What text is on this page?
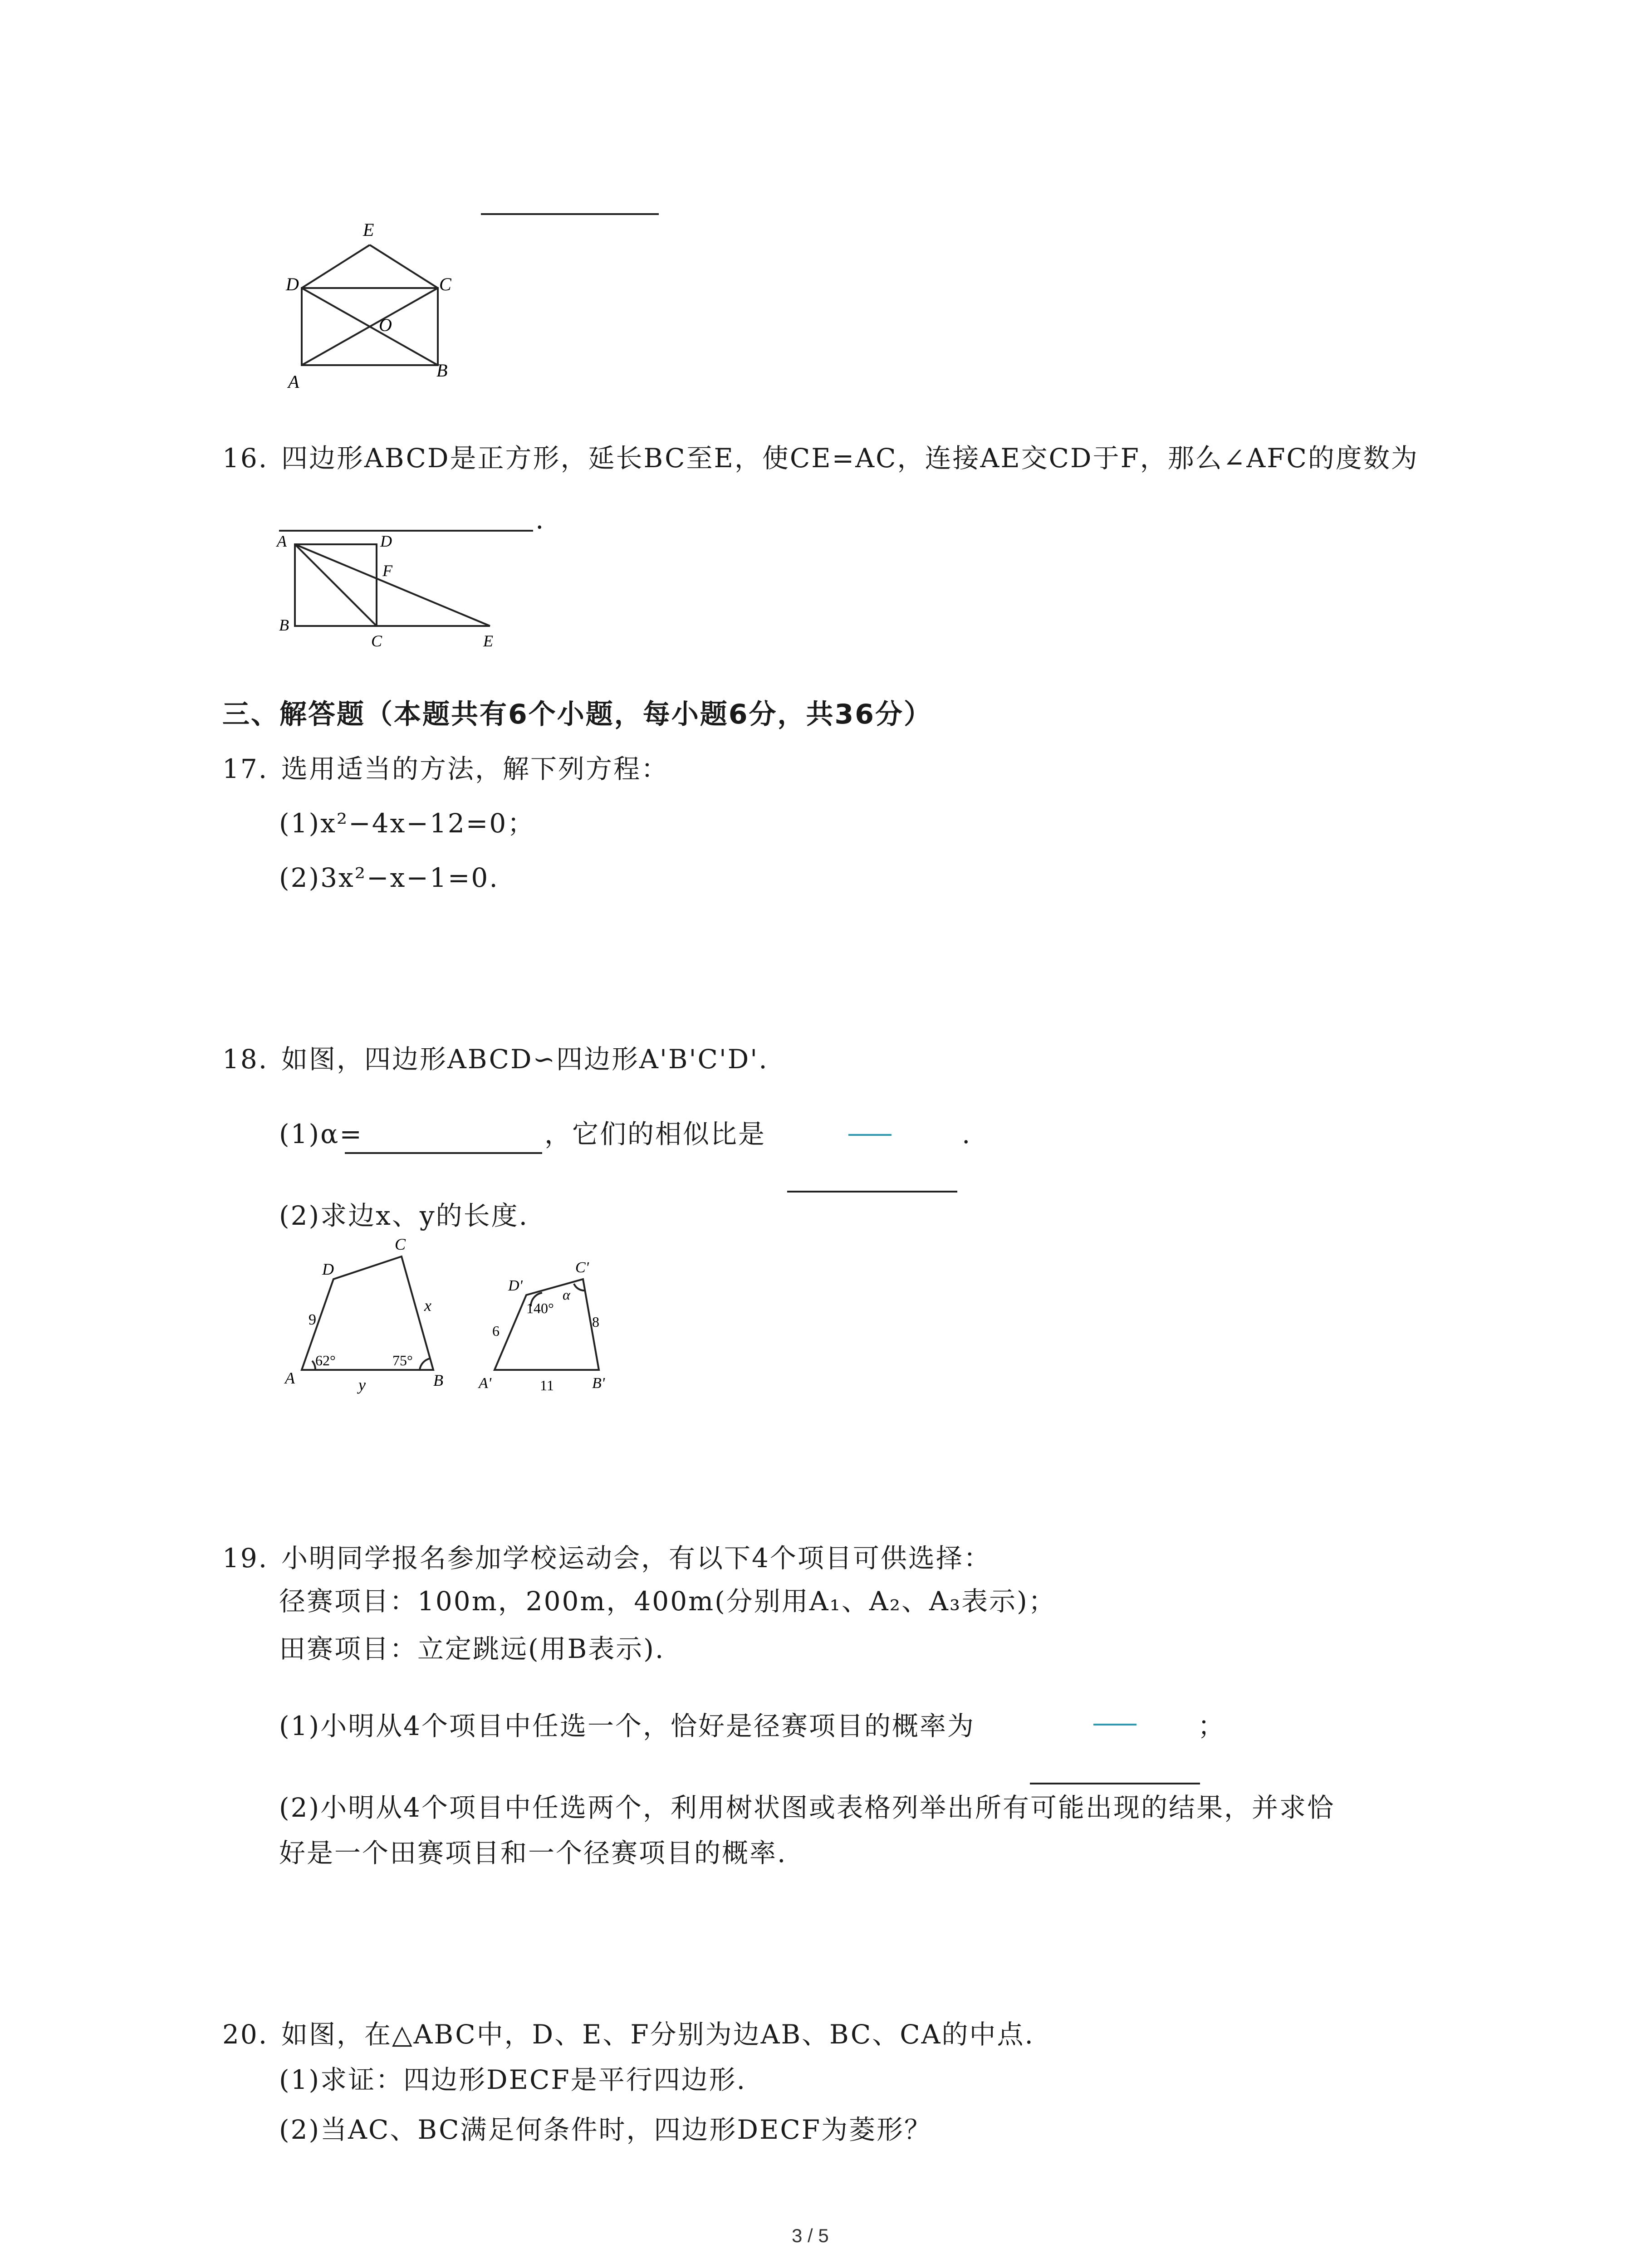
E
D	C
O
A
B
16. 四边形ABCD是正方形，延长BC至E，使CE=AC，连接AE交CD于F，那么∠AFC的度数为
.
A	D
F
B
C	E
三、解答题（本题共有6个小题，每小题6分，共36分）
17. 选用适当的方法，解下列方程：
(1)x²−4x−12=0；
(2)3x²−x−1=0.
18. 如图，四边形ABCD∽四边形A'B'C'D'.
(1)α=	，它们的相似比是	.
(2)求边x、y的长度.
A	B
C
D
9
x
y
62°	75°
A'	B'
C'
D'
6
8
11
140°
α
19. 小明同学报名参加学校运动会，有以下4个项目可供选择：
径赛项目：100m，200m，400m(分别用A₁、A₂、A₃表示)；
田赛项目：立定跳远(用B表示).
(1)小明从4个项目中任选一个，恰好是径赛项目的概率为	；
(2)小明从4个项目中任选两个，利用树状图或表格列举出所有可能出现的结果，并求恰
好是一个田赛项目和一个径赛项目的概率.
20. 如图，在△ABC中，D、E、F分别为边AB、BC、CA的中点.
(1)求证：四边形DECF是平行四边形.
(2)当AC、BC满足何条件时，四边形DECF为菱形？
3 / 5
